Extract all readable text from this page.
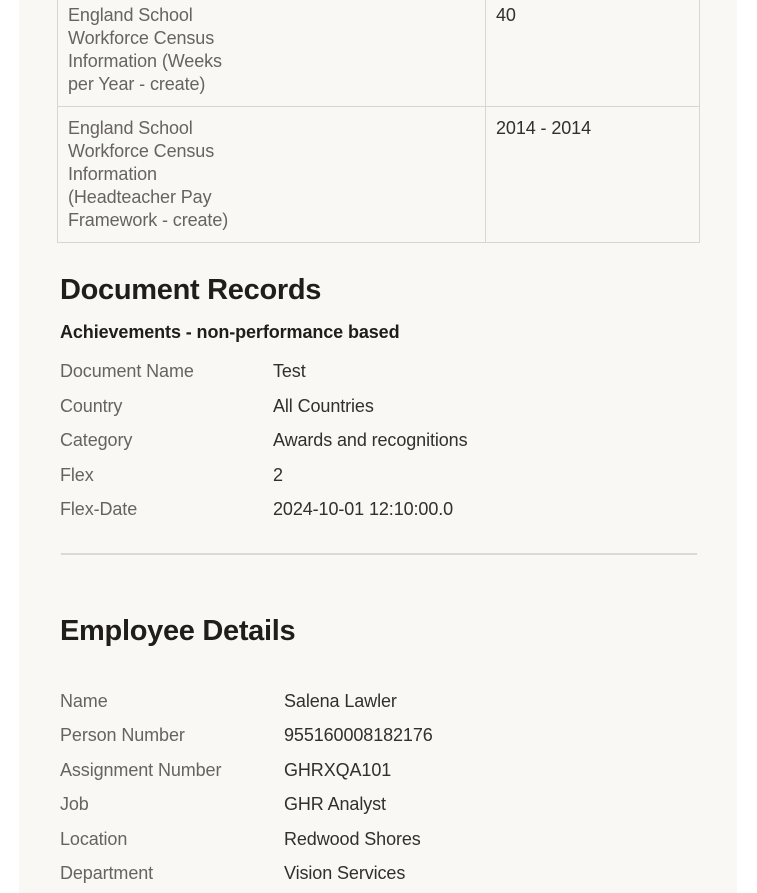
England School Workforce Census Information (Weeks per Year - create)	40

England School Workforce Census Information (Headteacher Pay Framework - create)	2014 - 2014
Document Records
Achievements - non-performance based
Document Name	Test
Country	All Countries
Category	Awards and recognitions
Flex	2
Flex-Date	2024-10-01 12:10:00.0
Employee Details
Name	Salena Lawler
Person Number	955160008182176
Assignment Number	GHRXQA101
Job	GHR Analyst
Location	Redwood Shores
Department	Vision Services
